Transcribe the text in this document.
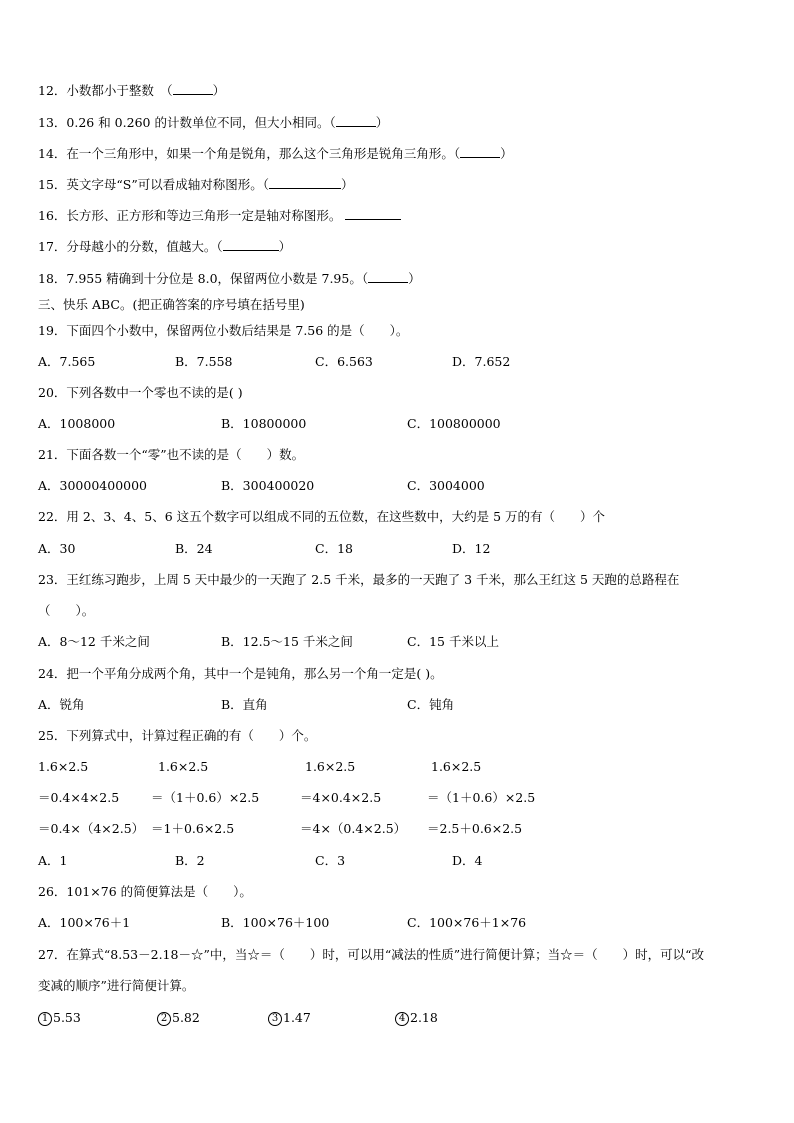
12．小数都小于整数　（	）
13．0.26 和 0.260 的计数单位不同，但大小相同。（	）
14．在一个三角形中，如果一个角是锐角，那么这个三角形是锐角三角形。（	）
15．英文字母“S”可以看成轴对称图形。（	）
16．长方形、正方形和等边三角形一定是轴对称图形。
17．分母越小的分数，值越大。（	）
18．7.955 精确到十分位是 8.0，保留两位小数是 7.95。（	）
三、快乐 ABC。(把正确答案的序号填在括号里)
19．下面四个小数中，保留两位小数后结果是 7.56 的是（　　）。
A．7.565	B．7.558	C．6.563	D．7.652
20．下列各数中一个零也不读的是( )
A．1008000	B．10800000	C．100800000
21．下面各数一个“零”也不读的是（　　）数。
A．30000400000	B．300400020	C．3004000
22．用 2、3、4、5、6 这五个数字可以组成不同的五位数，在这些数中，大约是 5 万的有（　　）个
A．30	B．24	C．18	D．12
23．王红练习跑步，上周 5 天中最少的一天跑了 2.5 千米，最多的一天跑了 3 千米，那么王红这 5 天跑的总路程在
（　　）。
A．8～12 千米之间	B．12.5～15 千米之间	C．15 千米以上
24．把一个平角分成两个角，其中一个是钝角，那么另一个角一定是( )。
A．锐角	B．直角	C．钝角
25．下列算式中，计算过程正确的有（　　）个。
1.6×2.5	1.6×2.5	1.6×2.5	1.6×2.5
＝0.4×4×2.5	＝（1＋0.6）×2.5	＝4×0.4×2.5	＝（1＋0.6）×2.5
＝0.4×（4×2.5） ＝1＋0.6×2.5	＝4×（0.4×2.5） ＝2.5＋0.6×2.5
A．1	B．2	C．3	D．4
26．101×76 的简便算法是（　　）。
A．100×76＋1	B．100×76＋100	C．100×76＋1×76
27．在算式“8.53－2.18－☆”中，当☆＝（　　）时，可以用“减法的性质”进行简便计算；当☆＝（　　）时，可以“改
变减的顺序”进行简便计算。
1 5.53	2 5.82	3 1.47	4 2.18
